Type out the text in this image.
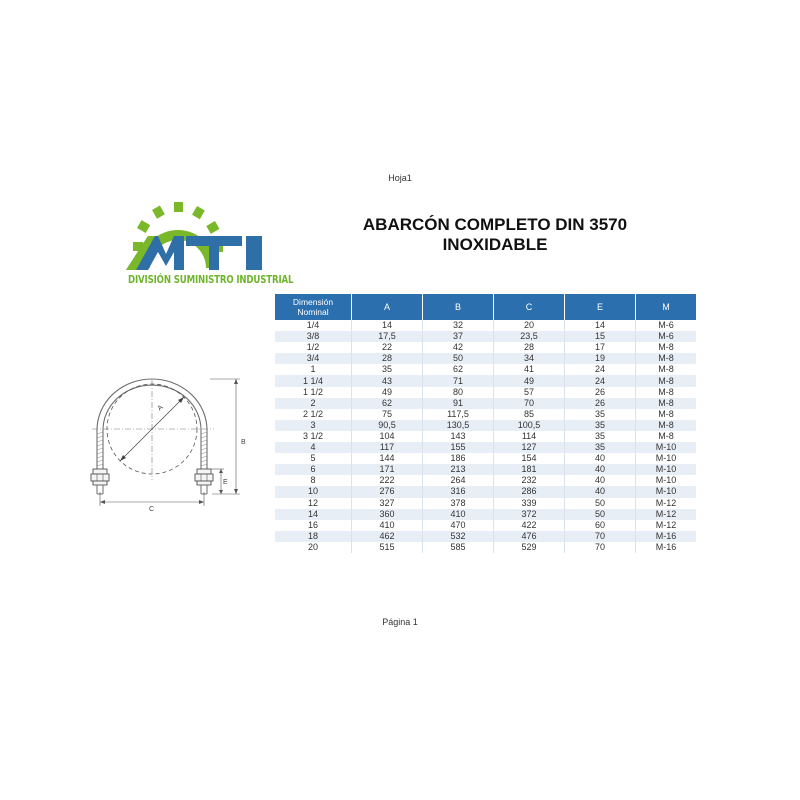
Hoja1
DIVISIÓN SUMINISTRO INDUSTRIAL
ABARCÓN COMPLETO DIN 3570
INOXIDABLE
A
B
C
E
Dimensión Nominal	A	B	C	E	M
1/4	14	32	20	14	M-6
3/8	17,5	37	23,5	15	M-6
1/2	22	42	28	17	M-8
3/4	28	50	34	19	M-8
1	35	62	41	24	M-8
1 1/4	43	71	49	24	M-8
1 1/2	49	80	57	26	M-8
2	62	91	70	26	M-8
2 1/2	75	117,5	85	35	M-8
3	90,5	130,5	100,5	35	M-8
3 1/2	104	143	114	35	M-8
4	117	155	127	35	M-10
5	144	186	154	40	M-10
6	171	213	181	40	M-10
8	222	264	232	40	M-10
10	276	316	286	40	M-10
12	327	378	339	50	M-12
14	360	410	372	50	M-12
16	410	470	422	60	M-12
18	462	532	476	70	M-16
20	515	585	529	70	M-16
Página 1
